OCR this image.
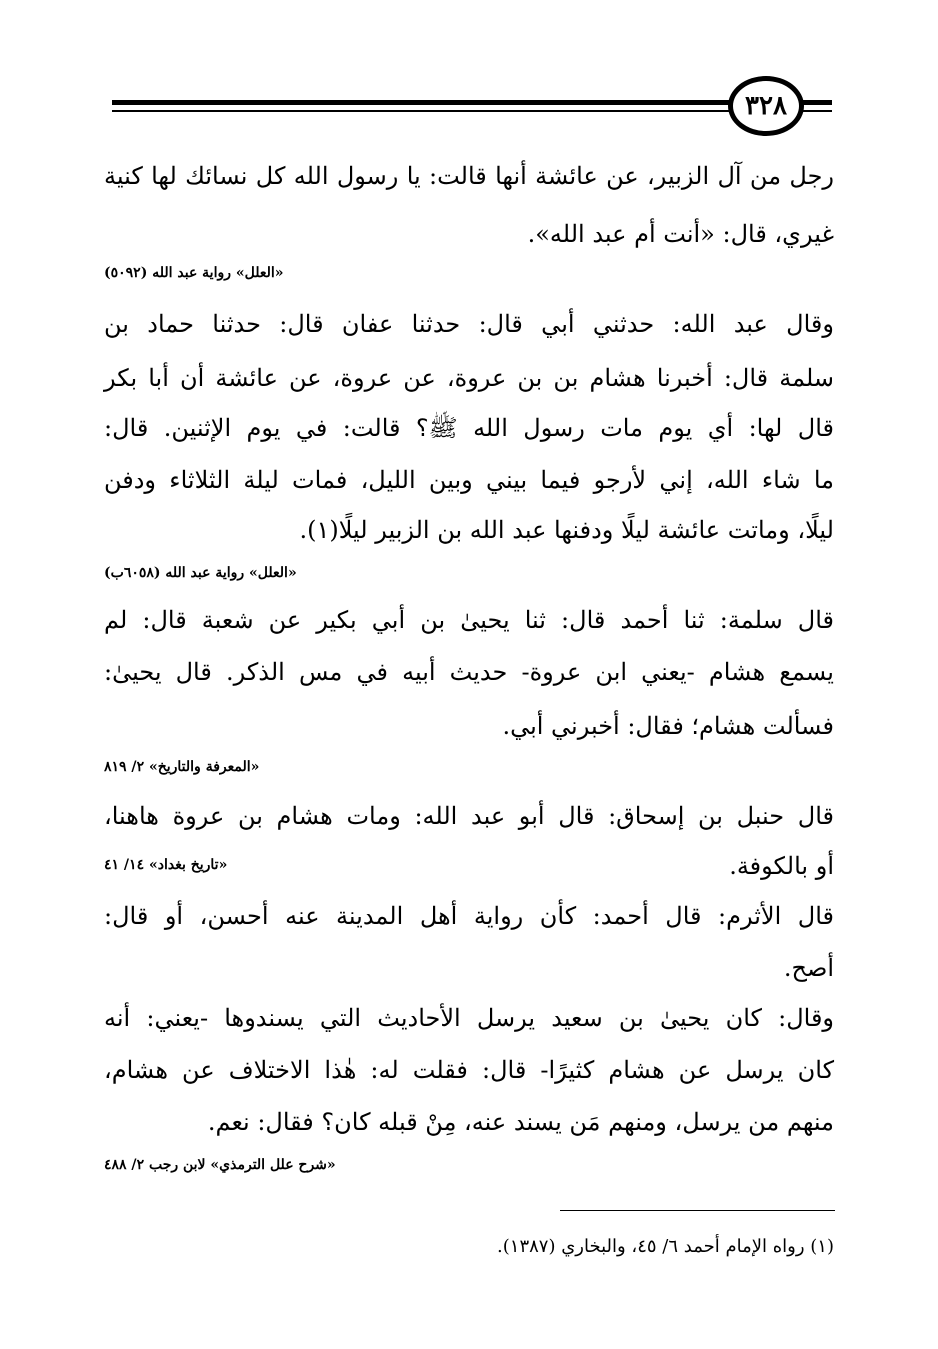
٣٢٨
رجل من آل الزبير، عن عائشة أنها قالت: يا رسول الله كل نسائك لها كنية
غيري، قال: «أنت أم عبد الله».
«العلل» رواية عبد الله (٥٠٩٢)
وقال عبد الله: حدثني أبي قال: حدثنا عفان قال: حدثنا حماد بن
سلمة قال: أخبرنا هشام بن بن عروة، عن عروة، عن عائشة أن أبا بكر
قال لها: أي يوم مات رسول الله ﷺ؟ قالت: في يوم الإثنين. قال:
ما شاء الله، إني لأرجو فيما بيني وبين الليل، فمات ليلة الثلاثاء ودفن
ليلًا، وماتت عائشة ليلًا ودفنها عبد الله بن الزبير ليلًا(١).
«العلل» رواية عبد الله (٦٠٥٨ب)
قال سلمة: ثنا أحمد قال: ثنا يحيىٰ بن أبي بكير عن شعبة قال: لم
يسمع هشام -يعني ابن عروة- حديث أبيه في مس الذكر. قال يحيىٰ:
فسألت هشام؛ فقال: أخبرني أبي.
«المعرفة والتاريخ» ٢/ ٨١٩
قال حنبل بن إسحاق: قال أبو عبد الله: ومات هشام بن عروة هاهنا،
أو بالكوفة.
«تاريخ بغداد» ١٤/ ٤١
قال الأثرم: قال أحمد: كأن رواية أهل المدينة عنه أحسن، أو قال:
أصح.
وقال: كان يحيىٰ بن سعيد يرسل الأحاديث التي يسندوها -يعني: أنه
كان يرسل عن هشام كثيرًا- قال: فقلت له: هٰذا الاختلاف عن هشام،
منهم من يرسل، ومنهم مَن يسند عنه، مِنْ قبله كان؟ فقال: نعم.
«شرح علل الترمذي» لابن رجب ٢/ ٤٨٨
(١) رواه الإمام أحمد ٦/ ٤٥، والبخاري (١٣٨٧).
